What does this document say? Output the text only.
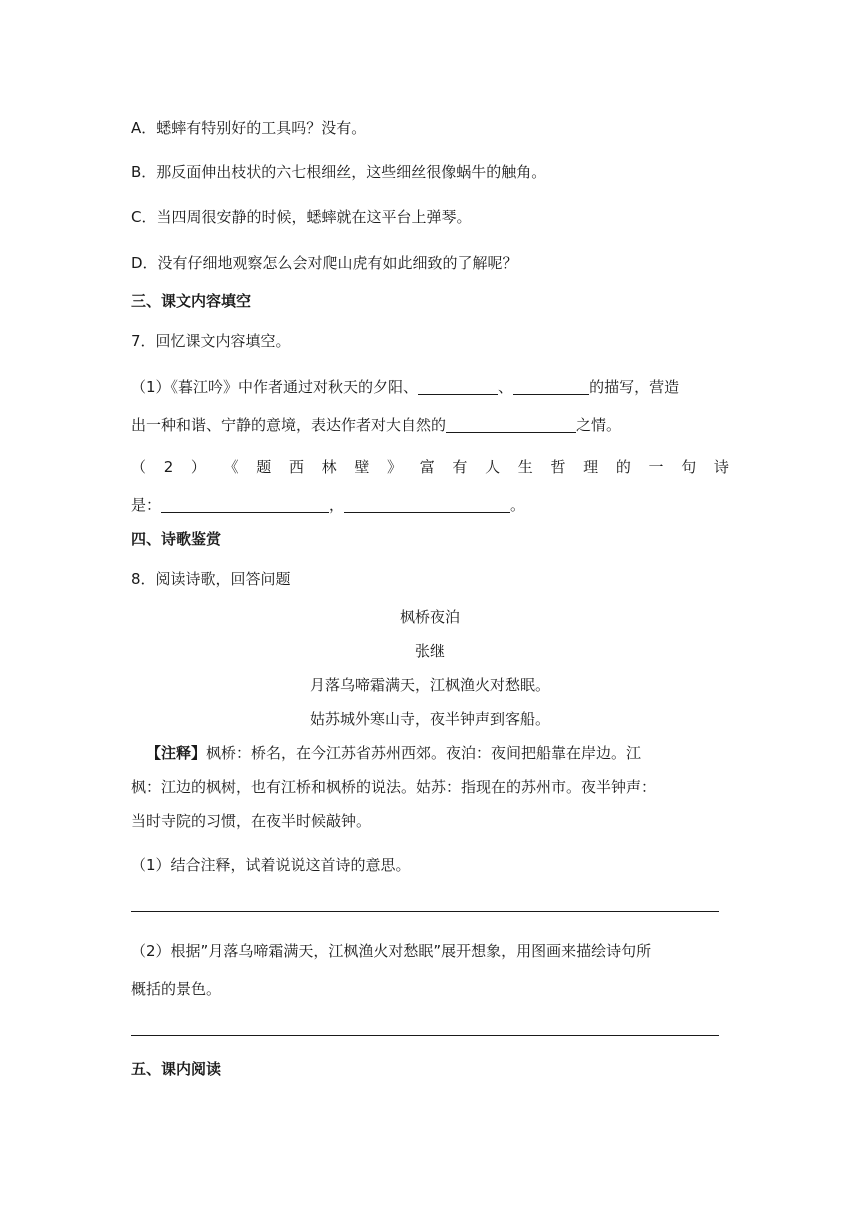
A．蟋蟀有特别好的工具吗？没有。
B．那反面伸出枝状的六七根细丝，这些细丝很像蜗牛的触角。
C．当四周很安静的时候，蟋蟀就在这平台上弹琴。
D．没有仔细地观察怎么会对爬山虎有如此细致的了解呢？
三、课文内容填空
7．回忆课文内容填空。
（1）《暮江吟》中作者通过对秋天的夕阳、	、	的描写，营造
出一种和谐、宁静的意境，表达作者对大自然的	之情。
（ 2 ） 《 题 西 林 壁 》 富 有 人 生 哲 理 的 一 句 诗
是：	，	。
四、诗歌鉴赏
8．阅读诗歌，回答问题
枫桥夜泊
张继
月落乌啼霜满天，江枫渔火对愁眠。
姑苏城外寒山寺，夜半钟声到客船。
【注释】枫桥：桥名，在今江苏省苏州西郊。夜泊：夜间把船靠在岸边。江
枫：江边的枫树，也有江桥和枫桥的说法。姑苏：指现在的苏州市。夜半钟声：
当时寺院的习惯，在夜半时候敲钟。
（1）结合注释，试着说说这首诗的意思。
（2）根据”月落乌啼霜满天，江枫渔火对愁眠”展开想象，用图画来描绘诗句所
概括的景色。
五、课内阅读
